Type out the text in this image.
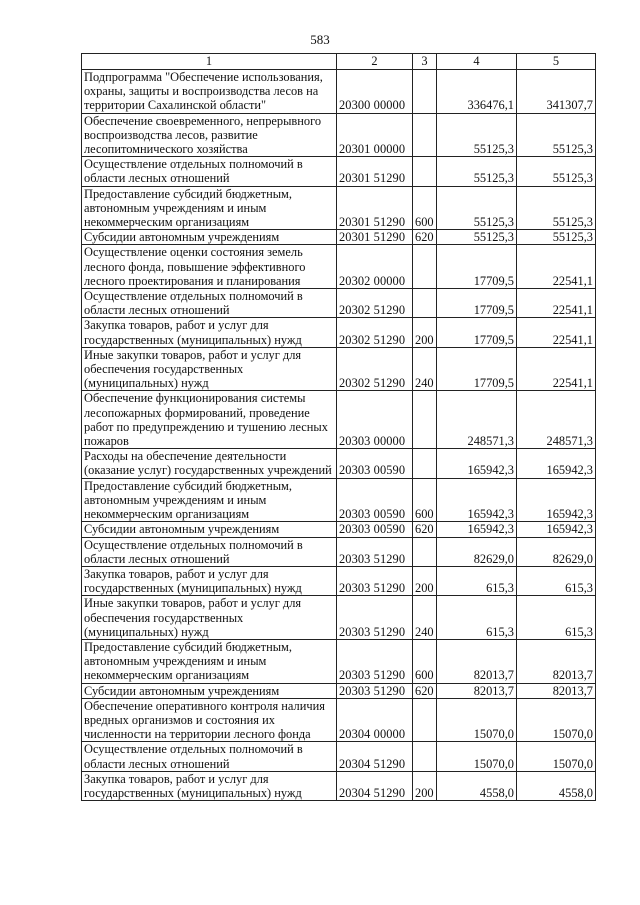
583
1	2	3	4	5
Подпрограмма "Обеспечение использования, охраны, защиты и воспроизводства лесов на территории Сахалинской области"	20300 00000		336476,1	341307,7
Обеспечение своевременного, непрерывного воспроизводства лесов, развитие лесопитомнического хозяйства	20301 00000		55125,3	55125,3
Осуществление отдельных полномочий в области лесных отношений	20301 51290		55125,3	55125,3
Предоставление субсидий бюджетным, автономным учреждениям и иным некоммерческим организациям	20301 51290	600	55125,3	55125,3
Субсидии автономным учреждениям	20301 51290	620	55125,3	55125,3
Осуществление оценки состояния земель лесного фонда, повышение эффективного лесного проектирования и планирования	20302 00000		17709,5	22541,1
Осуществление отдельных полномочий в области лесных отношений	20302 51290		17709,5	22541,1
Закупка товаров, работ и услуг для государственных (муниципальных) нужд	20302 51290	200	17709,5	22541,1
Иные закупки товаров, работ и услуг для обеспечения государственных (муниципальных) нужд	20302 51290	240	17709,5	22541,1
Обеспечение функционирования системы лесопожарных формирований, проведение работ по предупреждению и тушению лесных пожаров	20303 00000		248571,3	248571,3
Расходы на обеспечение деятельности (оказание услуг) государственных учреждений	20303 00590		165942,3	165942,3
Предоставление субсидий бюджетным, автономным учреждениям и иным некоммерческим организациям	20303 00590	600	165942,3	165942,3
Субсидии автономным учреждениям	20303 00590	620	165942,3	165942,3
Осуществление отдельных полномочий в области лесных отношений	20303 51290		82629,0	82629,0
Закупка товаров, работ и услуг для государственных (муниципальных) нужд	20303 51290	200	615,3	615,3
Иные закупки товаров, работ и услуг для обеспечения государственных (муниципальных) нужд	20303 51290	240	615,3	615,3
Предоставление субсидий бюджетным, автономным учреждениям и иным некоммерческим организациям	20303 51290	600	82013,7	82013,7
Субсидии автономным учреждениям	20303 51290	620	82013,7	82013,7
Обеспечение оперативного контроля наличия вредных организмов и состояния их численности на территории лесного фонда	20304 00000		15070,0	15070,0
Осуществление отдельных полномочий в области лесных отношений	20304 51290		15070,0	15070,0
Закупка товаров, работ и услуг для государственных (муниципальных) нужд	20304 51290	200	4558,0	4558,0
